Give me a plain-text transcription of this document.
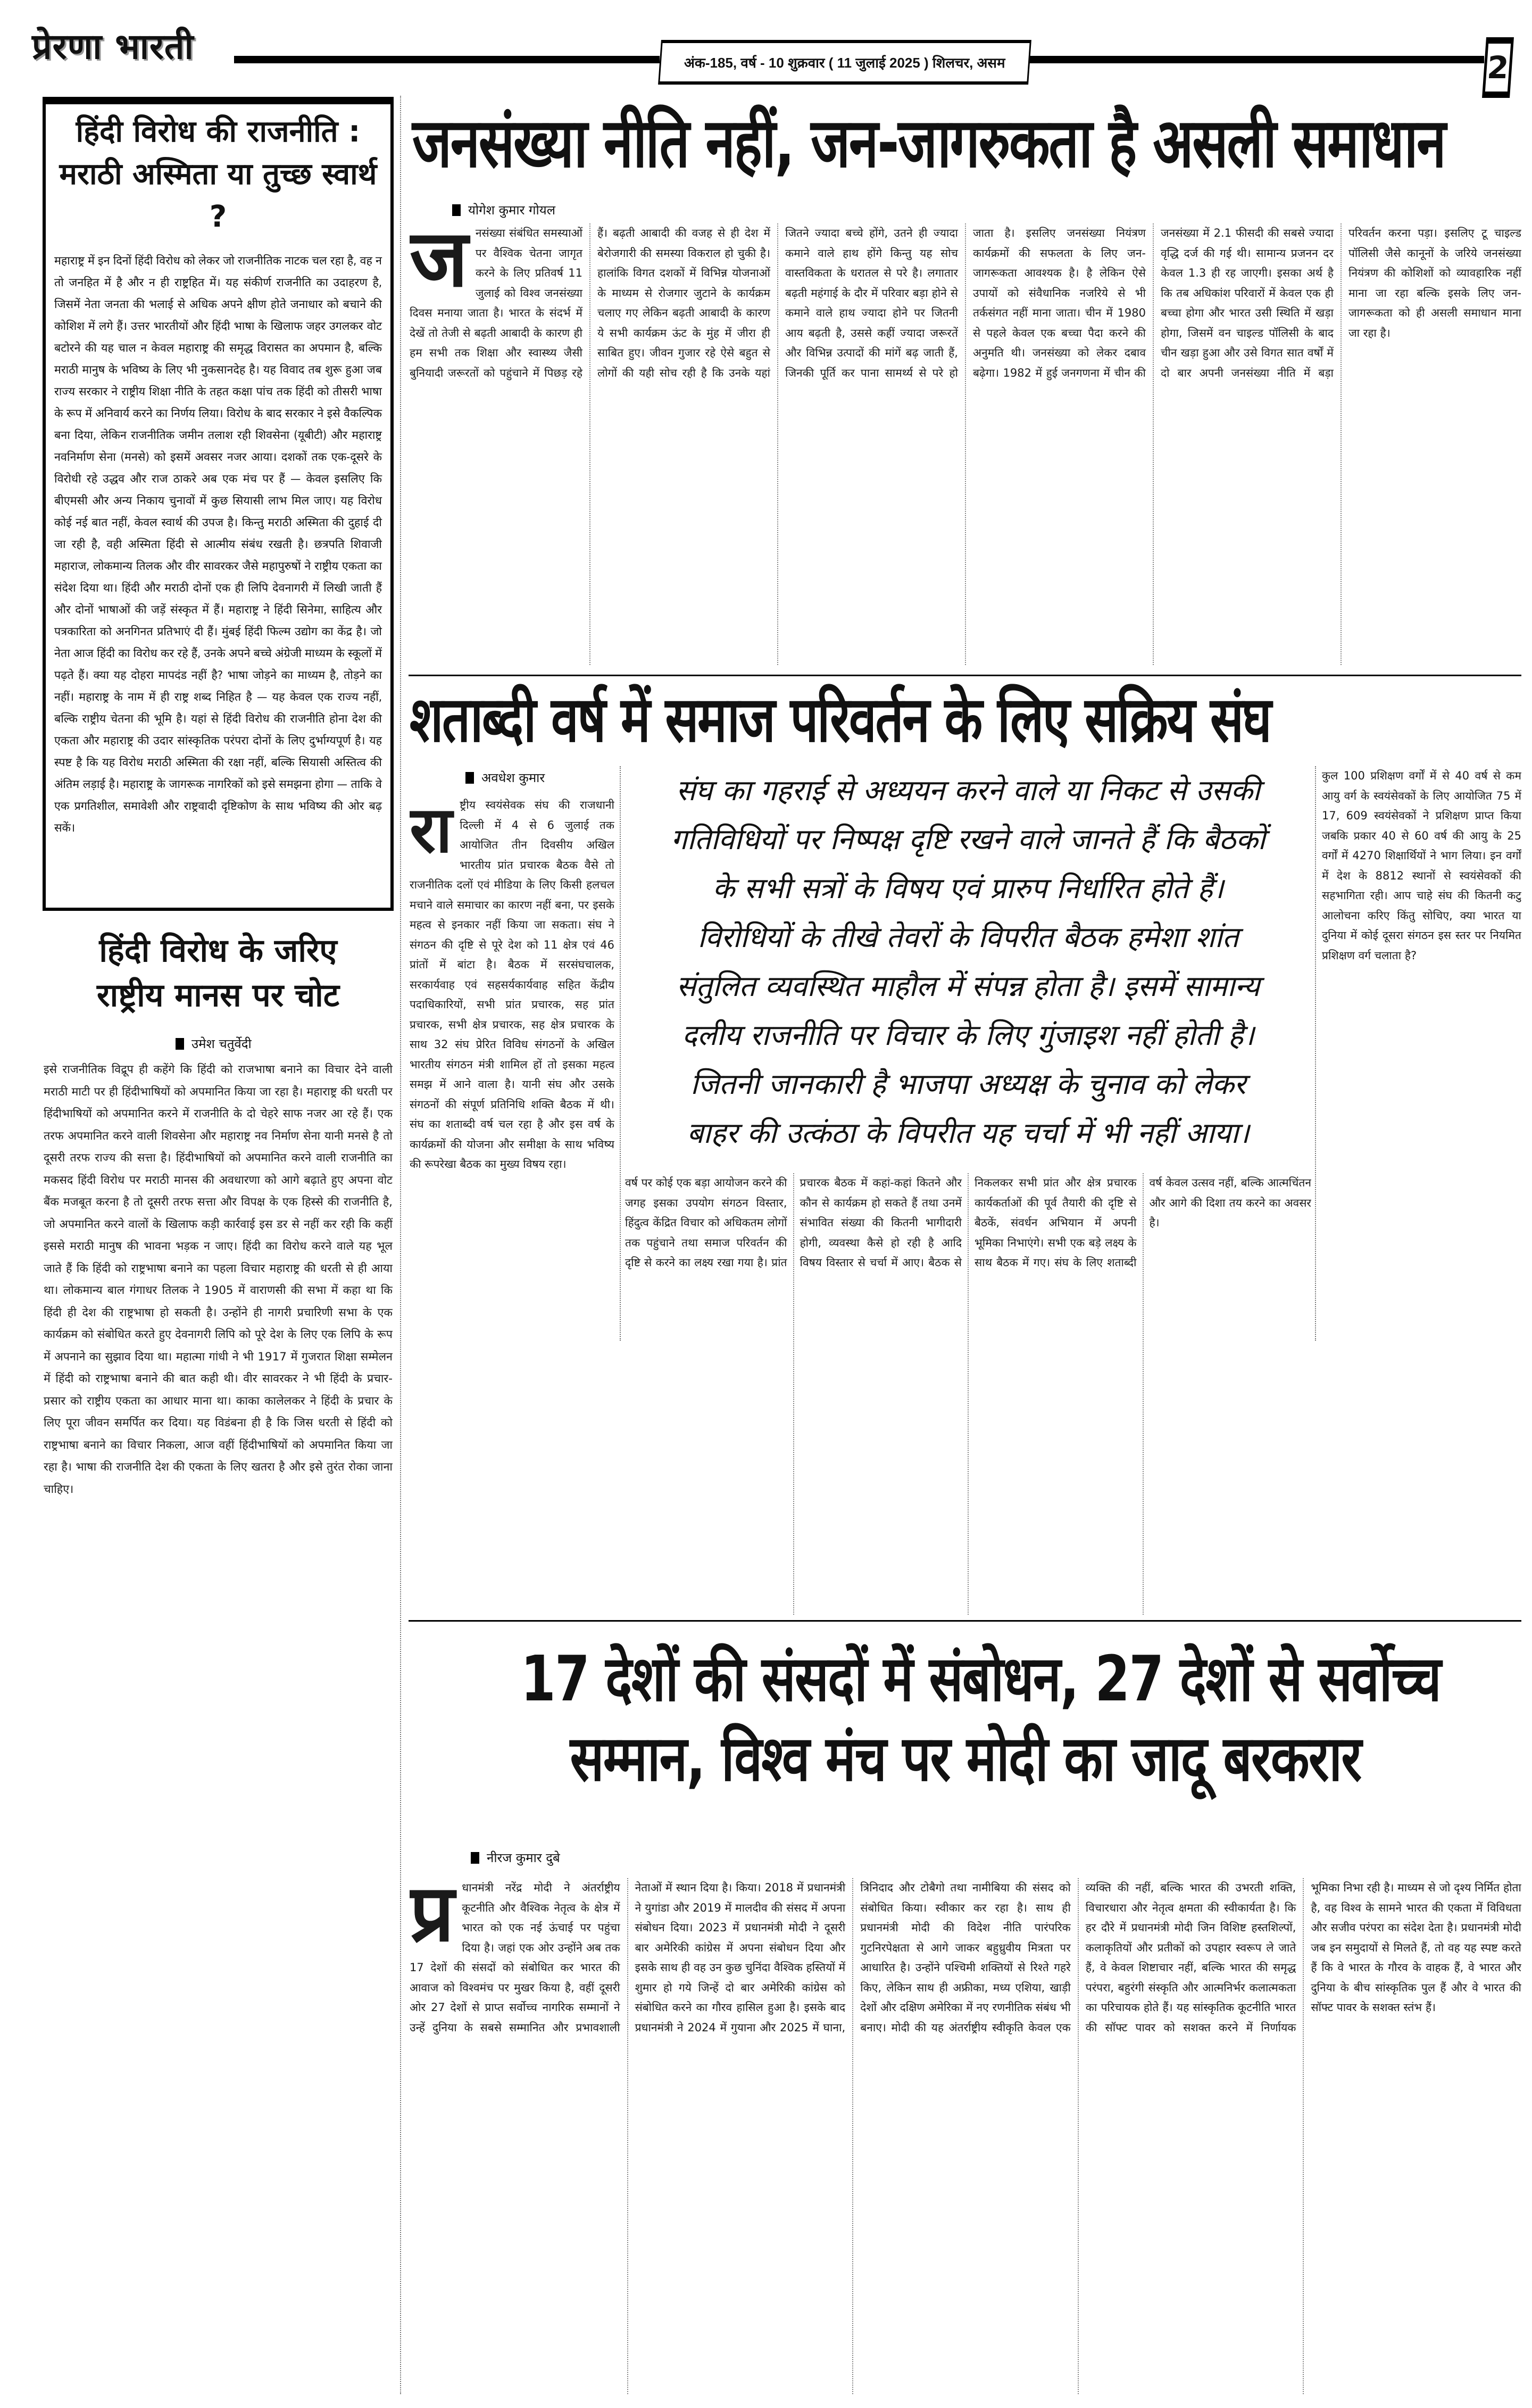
प्रेरणा भारती	अंक-185, वर्ष - 10 शुक्रवार ( 11 जुलाई 2025 ) शिलचर, असम	2
हिंदी विरोध की राजनीति :
मराठी अस्मिता या तुच्छ स्वार्थ ?
महाराष्ट्र में इन दिनों हिंदी विरोध को लेकर जो राजनीतिक नाटक चल रहा है, वह न तो जनहित में है और न ही राष्ट्रहित में। यह संकीर्ण राजनीति का उदाहरण है, जिसमें नेता जनता की भलाई से अधिक अपने क्षीण होते जनाधार को बचाने की कोशिश में लगे हैं। उत्तर भारतीयों और हिंदी भाषा के खिलाफ जहर उगलकर वोट बटोरने की यह चाल न केवल महाराष्ट्र की समृद्ध विरासत का अपमान है, बल्कि मराठी मानुष के भविष्य के लिए भी नुकसानदेह है। यह विवाद तब शुरू हुआ जब राज्य सरकार ने राष्ट्रीय शिक्षा नीति के तहत कक्षा पांच तक हिंदी को तीसरी भाषा के रूप में अनिवार्य करने का निर्णय लिया। विरोध के बाद सरकार ने इसे वैकल्पिक बना दिया, लेकिन राजनीतिक जमीन तलाश रही शिवसेना (यूबीटी) और महाराष्ट्र नवनिर्माण सेना (मनसे) को इसमें अवसर नजर आया। दशकों तक एक-दूसरे के विरोधी रहे उद्धव और राज ठाकरे अब एक मंच पर हैं — केवल इसलिए कि बीएमसी और अन्य निकाय चुनावों में कुछ सियासी लाभ मिल जाए। यह विरोध कोई नई बात नहीं, केवल स्वार्थ की उपज है। किन्तु मराठी अस्मिता की दुहाई दी जा रही है, वही अस्मिता हिंदी से आत्मीय संबंध रखती है। छत्रपति शिवाजी महाराज, लोकमान्य तिलक और वीर सावरकर जैसे महापुरुषों ने राष्ट्रीय एकता का संदेश दिया था। हिंदी और मराठी दोनों एक ही लिपि देवनागरी में लिखी जाती हैं और दोनों भाषाओं की जड़ें संस्कृत में हैं। महाराष्ट्र ने हिंदी सिनेमा, साहित्य और पत्रकारिता को अनगिनत प्रतिभाएं दी हैं। मुंबई हिंदी फिल्म उद्योग का केंद्र है। जो नेता आज हिंदी का विरोध कर रहे हैं, उनके अपने बच्चे अंग्रेजी माध्यम के स्कूलों में पढ़ते हैं। क्या यह दोहरा मापदंड नहीं है? भाषा जोड़ने का माध्यम है, तोड़ने का नहीं। महाराष्ट्र के नाम में ही राष्ट्र शब्द निहित है — यह केवल एक राज्य नहीं, बल्कि राष्ट्रीय चेतना की भूमि है। यहां से हिंदी विरोध की राजनीति होना देश की एकता और महाराष्ट्र की उदार सांस्कृतिक परंपरा दोनों के लिए दुर्भाग्यपूर्ण है। यह स्पष्ट है कि यह विरोध मराठी अस्मिता की रक्षा नहीं, बल्कि सियासी अस्तित्व की अंतिम लड़ाई है। महाराष्ट्र के जागरूक नागरिकों को इसे समझना होगा — ताकि वे एक प्रगतिशील, समावेशी और राष्ट्रवादी दृष्टिकोण के साथ भविष्य की ओर बढ़ सकें।
हिंदी विरोध के जरिए
राष्ट्रीय मानस पर चोट
उमेश चतुर्वेदी

इसे राजनीतिक विद्रूप ही कहेंगे कि हिंदी को राजभाषा बनाने का विचार देने वाली मराठी माटी पर ही हिंदीभाषियों को अपमानित किया जा रहा है। महाराष्ट्र की धरती पर हिंदीभाषियों को अपमानित करने में राजनीति के दो चेहरे साफ नजर आ रहे हैं। एक तरफ अपमानित करने वाली शिवसेना और महाराष्ट्र नव निर्माण सेना यानी मनसे है तो दूसरी तरफ राज्य की सत्ता है। हिंदीभाषियों को अपमानित करने वाली राजनीति का मकसद हिंदी विरोध पर मराठी मानस की अवधारणा को आगे बढ़ाते हुए अपना वोट बैंक मजबूत करना है तो दूसरी तरफ सत्ता और विपक्ष के एक हिस्से की राजनीति है, जो अपमानित करने वालों के खिलाफ कड़ी कार्रवाई इस डर से नहीं कर रही कि कहीं इससे मराठी मानुष की भावना भड़क न जाए। हिंदी का विरोध करने वाले यह भूल जाते हैं कि हिंदी को राष्ट्रभाषा बनाने का पहला विचार महाराष्ट्र की धरती से ही आया था। लोकमान्य बाल गंगाधर तिलक ने 1905 में वाराणसी की सभा में कहा था कि हिंदी ही देश की राष्ट्रभाषा हो सकती है। उन्होंने ही नागरी प्रचारिणी सभा के एक कार्यक्रम को संबोधित करते हुए देवनागरी लिपि को पूरे देश के लिए एक लिपि के रूप में अपनाने का सुझाव दिया था। महात्मा गांधी ने भी 1917 में गुजरात शिक्षा सम्मेलन में हिंदी को राष्ट्रभाषा बनाने की बात कही थी। वीर सावरकर ने भी हिंदी के प्रचार-प्रसार को राष्ट्रीय एकता का आधार माना था। काका कालेलकर ने हिंदी के प्रचार के लिए पूरा जीवन समर्पित कर दिया। यह विडंबना ही है कि जिस धरती से हिंदी को राष्ट्रभाषा बनाने का विचार निकला, आज वहीं हिंदीभाषियों को अपमानित किया जा रहा है। भाषा की राजनीति देश की एकता के लिए खतरा है और इसे तुरंत रोका जाना चाहिए।

जनसंख्या नीति नहीं, जन-जागरुकता है असली समाधान
योगेश कुमार गोयल
ज नसंख्या संबंधित समस्याओं पर वैश्विक चेतना जागृत करने के लिए प्रतिवर्ष 11 जुलाई को विश्व जनसंख्या दिवस मनाया जाता है। भारत के संदर्भ में देखें तो तेजी से बढ़ती आबादी के कारण ही हम सभी तक शिक्षा और स्वास्थ्य जैसी बुनियादी जरूरतों को पहुंचाने में पिछड़ रहे हैं। बढ़ती आबादी की वजह से ही देश में बेरोजगारी की समस्या विकराल हो चुकी है। हालांकि विगत दशकों में विभिन्न योजनाओं के माध्यम से रोजगार जुटाने के कार्यक्रम चलाए गए लेकिन बढ़ती आबादी के कारण ये सभी कार्यक्रम ऊंट के मुंह में जीरा ही साबित हुए। जीवन गुजार रहे ऐसे बहुत से लोगों की यही सोच रही है कि उनके यहां जितने ज्यादा बच्चे होंगे, उतने ही ज्यादा कमाने वाले हाथ होंगे किन्तु यह सोच वास्तविकता के धरातल से परे है। लगातार बढ़ती महंगाई के दौर में परिवार बड़ा होने से कमाने वाले हाथ ज्यादा होने पर जितनी आय बढ़ती है, उससे कहीं ज्यादा जरूरतें और विभिन्न उत्पादों की मांगें बढ़ जाती हैं, जिनकी पूर्ति कर पाना सामर्थ्य से परे हो जाता है। इसलिए जनसंख्या नियंत्रण कार्यक्रमों की सफलता के लिए जन-जागरूकता आवश्यक है। है लेकिन ऐसे उपायों को संवैधानिक नजरिये से भी तर्कसंगत नहीं माना जाता। चीन में 1980 से पहले केवल एक बच्चा पैदा करने की अनुमति थी। जनसंख्या को लेकर दबाव बढ़ेगा। 1982 में हुई जनगणना में चीन की जनसंख्या में 2.1 फीसदी की सबसे ज्यादा वृद्धि दर्ज की गई थी। सामान्य प्रजनन दर केवल 1.3 ही रह जाएगी। इसका अर्थ है कि तब अधिकांश परिवारों में केवल एक ही बच्चा होगा और भारत उसी स्थिति में खड़ा होगा, जिसमें वन चाइल्ड पॉलिसी के बाद चीन खड़ा हुआ और उसे विगत सात वर्षों में दो बार अपनी जनसंख्या नीति में बड़ा परिवर्तन करना पड़ा। इसलिए टू चाइल्ड पॉलिसी जैसे कानूनों के जरिये जनसंख्या नियंत्रण की कोशिशों को व्यावहारिक नहीं माना जा रहा बल्कि इसके लिए जन-जागरूकता को ही असली समाधान माना जा रहा है।

शताब्दी वर्ष में समाज परिवर्तन के लिए सक्रिय संघ
अवधेश कुमार
रा ष्ट्रीय स्वयंसेवक संघ की राजधानी दिल्ली में 4 से 6 जुलाई तक आयोजित तीन दिवसीय अखिल भारतीय प्रांत प्रचारक बैठक वैसे तो राजनीतिक दलों एवं मीडिया के लिए किसी हलचल मचाने वाले समाचार का कारण नहीं बना, पर इसके महत्व से इनकार नहीं किया जा सकता। संघ ने संगठन की दृष्टि से पूरे देश को 11 क्षेत्र एवं 46 प्रांतों में बांटा है। बैठक में सरसंघचालक, सरकार्यवाह एवं सहसर्यकार्यवाह सहित केंद्रीय पदाधिकारियों, सभी प्रांत प्रचारक, सह प्रांत प्रचारक, सभी क्षेत्र प्रचारक, सह क्षेत्र प्रचारक के साथ 32 संघ प्रेरित विविध संगठनों के अखिल भारतीय संगठन मंत्री शामिल हों तो इसका महत्व समझ में आने वाला है। यानी संघ और उसके संगठनों की संपूर्ण प्रतिनिधि शक्ति बैठक में थी। संघ का शताब्दी वर्ष चल रहा है और इस वर्ष के कार्यक्रमों की योजना और समीक्षा के साथ भविष्य की रूपरेखा बैठक का मुख्य विषय रहा।

संघ का गहराई से अध्ययन करने वाले या निकट से उसकी
गतिविधियों पर निष्पक्ष दृष्टि रखने वाले जानते हैं कि बैठकों
के सभी सत्रों के विषय एवं प्रारुप निर्धारित होते हैं।
विरोधियों के तीखे तेवरों के विपरीत बैठक हमेशा शांत
संतुलित व्यवस्थित माहौल में संपन्न होता है। इसमें सामान्य
दलीय राजनीति पर विचार के लिए गुंजाइश नहीं होती है।
जितनी जानकारी है भाजपा अध्यक्ष के चुनाव को लेकर
बाहर की उत्कंठा के विपरीत यह चर्चा में भी नहीं आया।

कुल 100 प्रशिक्षण वर्गों में से 40 वर्ष से कम आयु वर्ग के स्वयंसेवकों के लिए आयोजित 75 में 17, 609 स्वयंसेवकों ने प्रशिक्षण प्राप्त किया जबकि प्रकार 40 से 60 वर्ष की आयु के 25 वर्गों में 4270 शिक्षार्थियों ने भाग लिया। इन वर्गों में देश के 8812 स्थानों से स्वयंसेवकों की सहभागिता रही। आप चाहे संघ की कितनी कटु आलोचना करिए किंतु सोचिए, क्या भारत या दुनिया में कोई दूसरा संगठन इस स्तर पर नियमित प्रशिक्षण वर्ग चलाता है?

वर्ष पर कोई एक बड़ा आयोजन करने की जगह इसका उपयोग संगठन विस्तार, हिंदुत्व केंद्रित विचार को अधिकतम लोगों तक पहुंचाने तथा समाज परिवर्तन की दृष्टि से करने का लक्ष्य रखा गया है। प्रांत प्रचारक बैठक में कहां-कहां कितने और कौन से कार्यक्रम हो सकते हैं तथा उनमें संभावित संख्या की कितनी भागीदारी होगी, व्यवस्था कैसे हो रही है आदि विषय विस्तार से चर्चा में आए। बैठक से निकलकर सभी प्रांत और क्षेत्र प्रचारक कार्यकर्ताओं की पूर्व तैयारी की दृष्टि से बैठकें, संवर्धन अभियान में अपनी भूमिका निभाएंगे। सभी एक बड़े लक्ष्य के साथ बैठक में गए। संघ के लिए शताब्दी वर्ष केवल उत्सव नहीं, बल्कि आत्मचिंतन और आगे की दिशा तय करने का अवसर है।

17 देशों की संसदों में संबोधन, 27 देशों से सर्वोच्च
सम्मान, विश्व मंच पर मोदी का जादू बरकरार
नीरज कुमार दुबे
प्र धानमंत्री नरेंद्र मोदी ने अंतर्राष्ट्रीय कूटनीति और वैश्विक नेतृत्व के क्षेत्र में भारत को एक नई ऊंचाई पर पहुंचा दिया है। जहां एक ओर उन्होंने अब तक 17 देशों की संसदों को संबोधित कर भारत की आवाज को विश्वमंच पर मुखर किया है, वहीं दूसरी ओर 27 देशों से प्राप्त सर्वोच्च नागरिक सम्मानों ने उन्हें दुनिया के सबसे सम्मानित और प्रभावशाली नेताओं में स्थान दिया है। किया। 2018 में प्रधानमंत्री ने युगांडा और 2019 में मालदीव की संसद में अपना संबोधन दिया। 2023 में प्रधानमंत्री मोदी ने दूसरी बार अमेरिकी कांग्रेस में अपना संबोधन दिया और इसके साथ ही वह उन कुछ चुनिंदा वैश्विक हस्तियों में शुमार हो गये जिन्हें दो बार अमेरिकी कांग्रेस को संबोधित करने का गौरव हासिल हुआ है। इसके बाद प्रधानमंत्री ने 2024 में गुयाना और 2025 में घाना, त्रिनिदाद और टोबैगो तथा नामीबिया की संसद को संबोधित किया। स्वीकार कर रहा है। साथ ही प्रधानमंत्री मोदी की विदेश नीति पारंपरिक गुटनिरपेक्षता से आगे जाकर बहुध्रुवीय मित्रता पर आधारित है। उन्होंने पश्चिमी शक्तियों से रिश्ते गहरे किए, लेकिन साथ ही अफ्रीका, मध्य एशिया, खाड़ी देशों और दक्षिण अमेरिका में नए रणनीतिक संबंध भी बनाए। मोदी की यह अंतर्राष्ट्रीय स्वीकृति केवल एक व्यक्ति की नहीं, बल्कि भारत की उभरती शक्ति, विचारधारा और नेतृत्व क्षमता की स्वीकार्यता है। कि हर दौरे में प्रधानमंत्री मोदी जिन विशिष्ट हस्तशिल्पों, कलाकृतियों और प्रतीकों को उपहार स्वरूप ले जाते हैं, वे केवल शिष्टाचार नहीं, बल्कि भारत की समृद्ध परंपरा, बहुरंगी संस्कृति और आत्मनिर्भर कलात्मकता का परिचायक होते हैं। यह सांस्कृतिक कूटनीति भारत की सॉफ्ट पावर को सशक्त करने में निर्णायक भूमिका निभा रही है। माध्यम से जो दृश्य निर्मित होता है, वह विश्व के सामने भारत की एकता में विविधता और सजीव परंपरा का संदेश देता है। प्रधानमंत्री मोदी जब इन समुदायों से मिलते हैं, तो वह यह स्पष्ट करते हैं कि वे भारत के गौरव के वाहक हैं, वे भारत और दुनिया के बीच सांस्कृतिक पुल हैं और वे भारत की सॉफ्ट पावर के सशक्त स्तंभ हैं।
